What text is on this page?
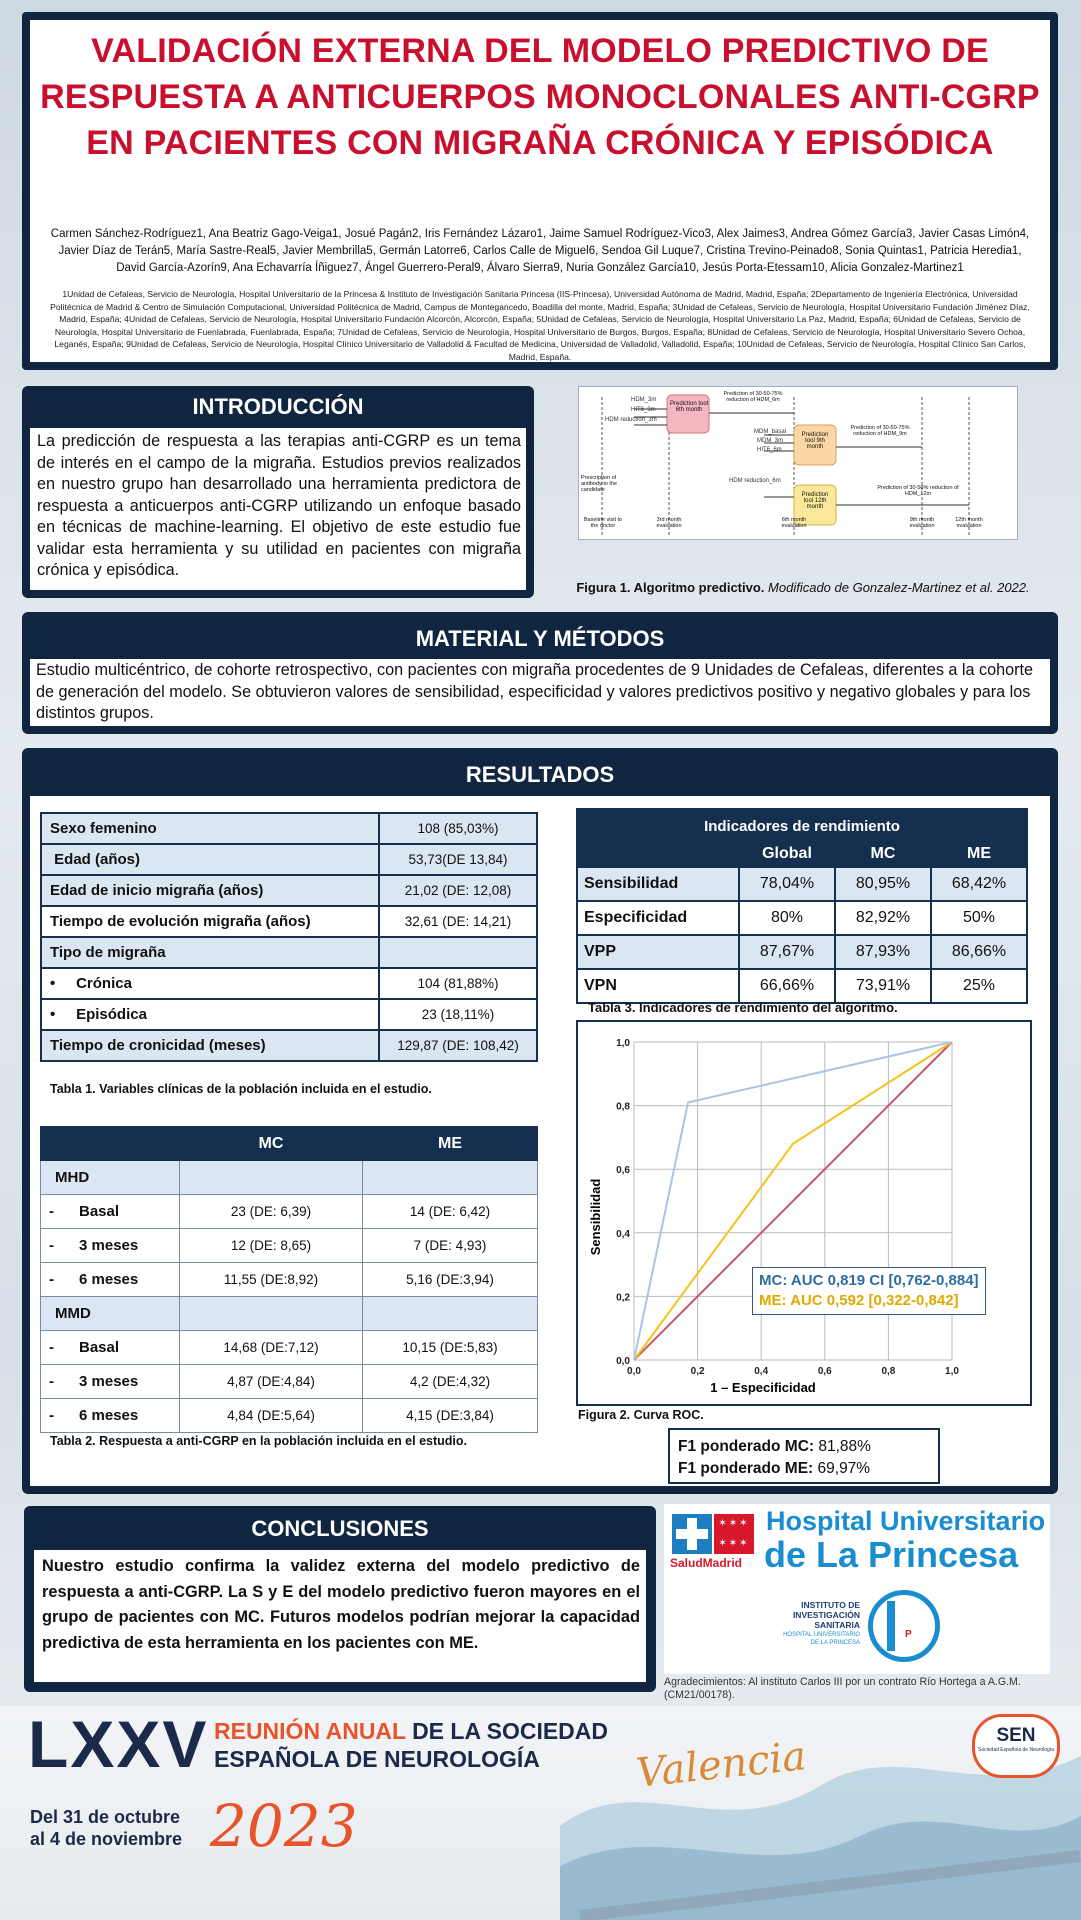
VALIDACIÓN EXTERNA DEL MODELO PREDICTIVO DE RESPUESTA A ANTICUERPOS MONOCLONALES ANTI-CGRP EN PACIENTES CON MIGRAÑA CRÓNICA Y EPISÓDICA
Carmen Sánchez-Rodríguez1, Ana Beatriz Gago-Veiga1, Josué Pagán2, Iris Fernández Lázaro1, Jaime Samuel Rodríguez-Vico3, Alex Jaimes3, Andrea Gómez García3, Javier Casas Limón4, Javier Díaz de Terán5, María Sastre-Real5, Javier Membrilla5, Germán Latorre6, Carlos Calle de Miguel6, Sendoa Gil Luque7, Cristina Trevino-Peinado8, Sonia Quintas1, Patricia Heredia1, David García-Azorín9, Ana Echavarría Íñiguez7, Ángel Guerrero-Peral9, Álvaro Sierra9, Nuria González García10, Jesús Porta-Etessam10, Alicia Gonzalez-Martinez1
1Unidad de Cefaleas, Servicio de Neurología, Hospital Universitario de la Princesa & Instituto de Investigación Sanitaria Princesa (IIS-Princesa), Universidad Autónoma de Madrid, Madrid, España; 2Departamento de Ingeniería Electrónica, Universidad Politécnica de Madrid & Centro de Simulación Computacional, Universidad Politécnica de Madrid, Campus de Montegancedo, Boadilla del monte, Madrid, España; 3Unidad de Cefaleas, Servicio de Neurología, Hospital Universitario Fundación Jiménez Díaz, Madrid, España; 4Unidad de Cefaleas, Servicio de Neurología, Hospital Universitario Fundación Alcorcón, Alcorcón, España; 5Unidad de Cefaleas, Servicio de Neurología, Hospital Universitario La Paz, Madrid, España; 6Unidad de Cefaleas, Servicio de Neurología, Hospital Universitario de Fuenlabrada, Fuenlabrada, España; 7Unidad de Cefaleas, Servicio de Neurología, Hospital Universitario de Burgos, Burgos, España; 8Unidad de Cefaleas, Servicio de Neurología, Hospital Universitario Severo Ochoa, Leganés, España; 9Unidad de Cefaleas, Servicio de Neurología, Hospital Clínico Universitario de Valladolid & Facultad de Medicina, Universidad de Valladolid, Valladolid, España; 10Unidad de Cefaleas, Servicio de Neurología, Hospital Clínico San Carlos, Madrid, España.
INTRODUCCIÓN
La predicción de respuesta a las terapias anti-CGRP es un tema de interés en el campo de la migraña. Estudios previos realizados en nuestro grupo han desarrollado una herramienta predictora de respuesta a anticuerpos anti-CGRP utilizando un enfoque basado en técnicas de machine-learning. El objetivo de este estudio fue validar esta herramienta y su utilidad en pacientes con migraña crónica y episódica.
HDM_3m
HIT6_3m
HDM reduction_3m
MDM_basal
MDM_3m
HIT6_6m
HDM reduction_6m
Prediction tool 6th month
Prediction tool 9th month
Prediction tool 12th month
Prediction of 30-50-75% reduction of HDM_6m
Prediction of 30-50-75% reduction of HDM_9m
Prediction of 30-50% reduction of HDM_12m
Prescription of antibody to the candidate
Baseline visit to the doctor
3rd month evaluation
6th month evaluation
9th month evaluation
12th month evaluation
Figura 1. Algoritmo predictivo. Modificado de Gonzalez-Martinez et al. 2022.
MATERIAL Y MÉTODOS
Estudio multicéntrico, de cohorte retrospectivo, con pacientes con migraña procedentes de 9 Unidades de Cefaleas, diferentes a la cohorte de generación del modelo. Se obtuvieron valores de sensibilidad, especificidad y valores predictivos positivo y negativo globales y para los distintos grupos.
RESULTADOS
Sexo femenino	108 (85,03%)
Edad (años)	53,73(DE 13,84)
Edad de inicio migraña (años)	21,02 (DE: 12,08)
Tiempo de evolución migraña (años)	32,61 (DE: 14,21)
Tipo de migraña	
•     Crónica	104 (81,88%)
•     Episódica	23 (18,11%)
Tiempo de cronicidad (meses)	129,87 (DE: 108,42)
Tabla 1. Variables clínicas de la población incluida en el estudio.
	MC	ME
MHD		
-      Basal	23 (DE: 6,39)	14 (DE: 6,42)
-      3 meses	12 (DE: 8,65)	7 (DE: 4,93)
-      6 meses	11,55 (DE:8,92)	5,16 (DE:3,94)
MMD		
-      Basal	14,68 (DE:7,12)	10,15 (DE:5,83)
-      3 meses	4,87 (DE:4,84)	4,2 (DE:4,32)
-      6 meses	4,84 (DE:5,64)	4,15 (DE:3,84)
Tabla 2. Respuesta a anti-CGRP en la población incluida en el estudio.
Indicadores de rendimiento			
	Global	MC	ME
Sensibilidad	78,04%	80,95%	68,42%
Especificidad	80%	82,92%	50%
VPP	87,67%	87,93%	86,66%
VPN	66,66%	73,91%	25%
Tabla 3. Indicadores de rendimiento del algoritmo.
0,0
0,0
0,2
0,2
0,4
0,4
0,6
0,6
0,8
0,8
1,0
1,0
Sensibilidad
1 – Especificidad
MC: AUC 0,819 CI [0,762-0,884]
ME: AUC 0,592 [0,322-0,842]
Figura 2. Curva ROC.
F1 ponderado MC: 81,88%
F1 ponderado ME: 69,97%
CONCLUSIONES
Nuestro estudio confirma la validez externa del modelo predictivo de respuesta a anti-CGRP. La S y E del modelo predictivo fueron mayores en el grupo de pacientes con MC. Futuros modelos podrían mejorar la capacidad predictiva de esta herramienta en los pacientes con ME.
✶✶✶
✶✶✶
SaludMadrid
Hospital Universitario
de La Princesa
INSTITUTO DE INVESTIGACIÓN SANITARIA
HOSPITAL UNIVERSITARIO DE LA PRINCESA
P
Agradecimientos: Al instituto Carlos III por un contrato Río Hortega a A.G.M. (CM21/00178).
LXXV REUNIÓN ANUAL DE LA SOCIEDAD
ESPAÑOLA DE NEUROLOGÍA
Del 31 de octubre
al 4 de noviembre 2023
Valencia	SEN
Sociedad Española de Neurología
